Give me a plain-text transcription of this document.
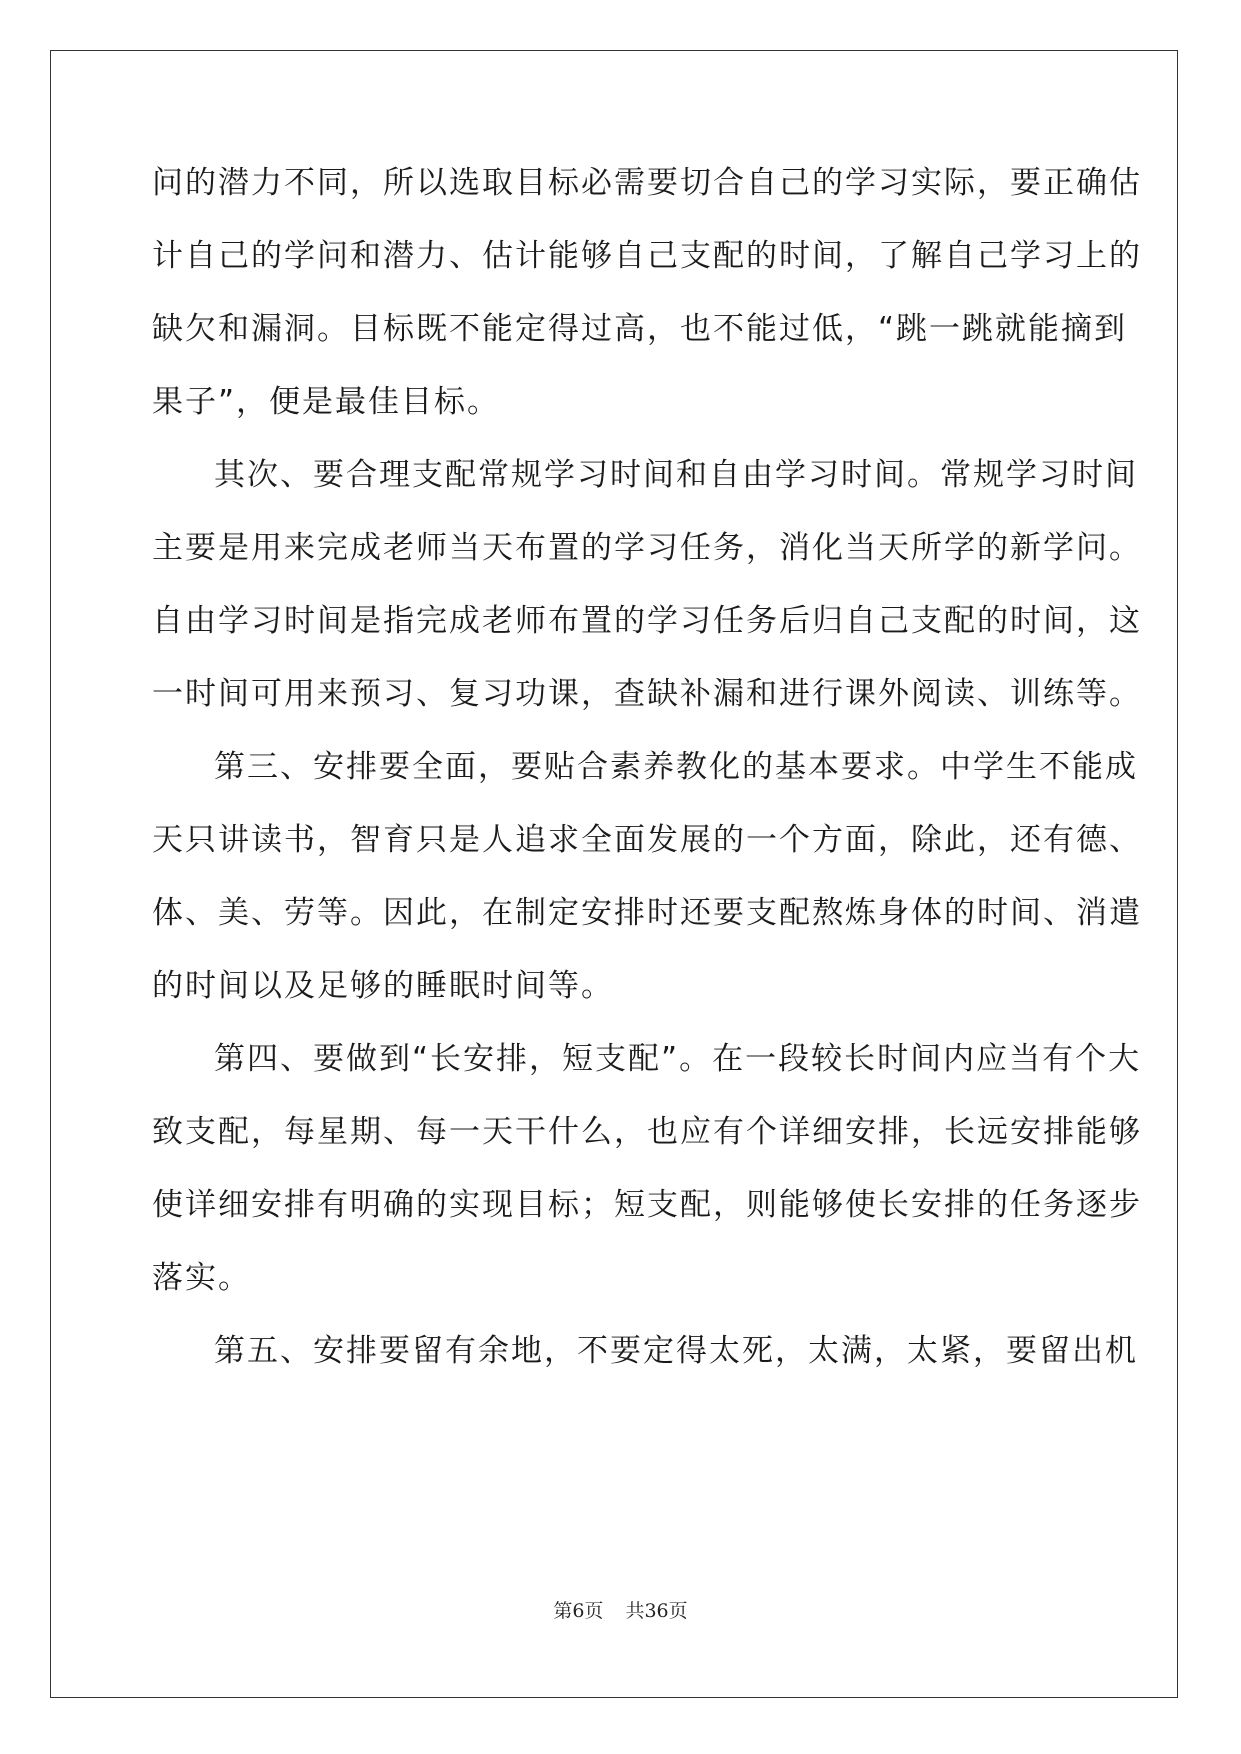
问的潜力不同，所以选取目标必需要切合自己的学习实际，要正确估
计自己的学问和潜力、估计能够自己支配的时间，了解自己学习上的
缺欠和漏洞。目标既不能定得过高，也不能过低，“跳一跳就能摘到
果子”，便是最佳目标。
其次、要合理支配常规学习时间和自由学习时间。常规学习时间
主要是用来完成老师当天布置的学习任务，消化当天所学的新学问。
自由学习时间是指完成老师布置的学习任务后归自己支配的时间，这
一时间可用来预习、复习功课，查缺补漏和进行课外阅读、训练等。
第三、安排要全面，要贴合素养教化的基本要求。中学生不能成
天只讲读书，智育只是人追求全面发展的一个方面，除此，还有德、
体、美、劳等。因此，在制定安排时还要支配熬炼身体的时间、消遣
的时间以及足够的睡眠时间等。
第四、要做到“长安排，短支配”。在一段较长时间内应当有个大
致支配，每星期、每一天干什么，也应有个详细安排，长远安排能够
使详细安排有明确的实现目标；短支配，则能够使长安排的任务逐步
落实。
第五、安排要留有余地，不要定得太死，太满，太紧，要留出机
第6页 共36页
